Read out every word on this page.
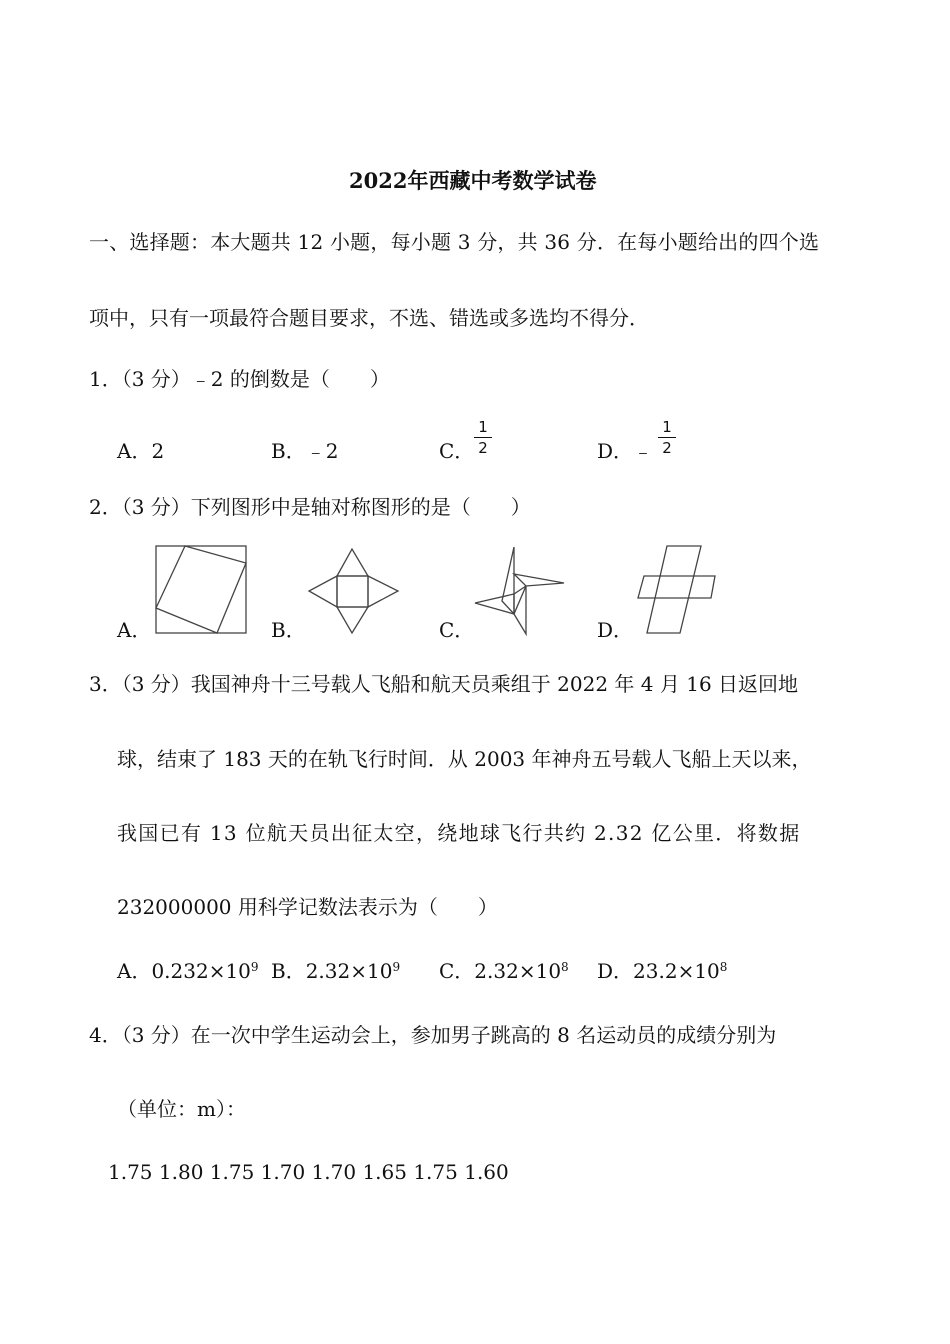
2022年西藏中考数学试卷
一、选择题：本大题共 12 小题，每小题 3 分，共 36 分．在每小题给出的四个选
项中，只有一项最符合题目要求，不选、错选或多选均不得分．
1．（3 分）﹣2 的倒数是（　　）
A．2	B．﹣2	C．
1
2	D．﹣
1
2
2．（3 分）下列图形中是轴对称图形的是（　　）
A．	B．	C．	D．
3．（3 分）我国神舟十三号载人飞船和航天员乘组于 2022 年 4 月 16 日返回地
球，结束了 183 天的在轨飞行时间．从 2003 年神舟五号载人飞船上天以来，
我国已有 13 位航天员出征太空，绕地球飞行共约 2.32 亿公里．将数据
232000000 用科学记数法表示为（　　）
A．$0.232\times 10^9$ B．$2.32\times 10^9$ C．$2.32\times 10^8$ D．$23.2\times 10^8$
4．（3 分）在一次中学生运动会上，参加男子跳高的 8 名运动员的成绩分别为
（单位：m）：
1.75 1.80 1.75 1.70 1.70 1.65 1.75 1.60
